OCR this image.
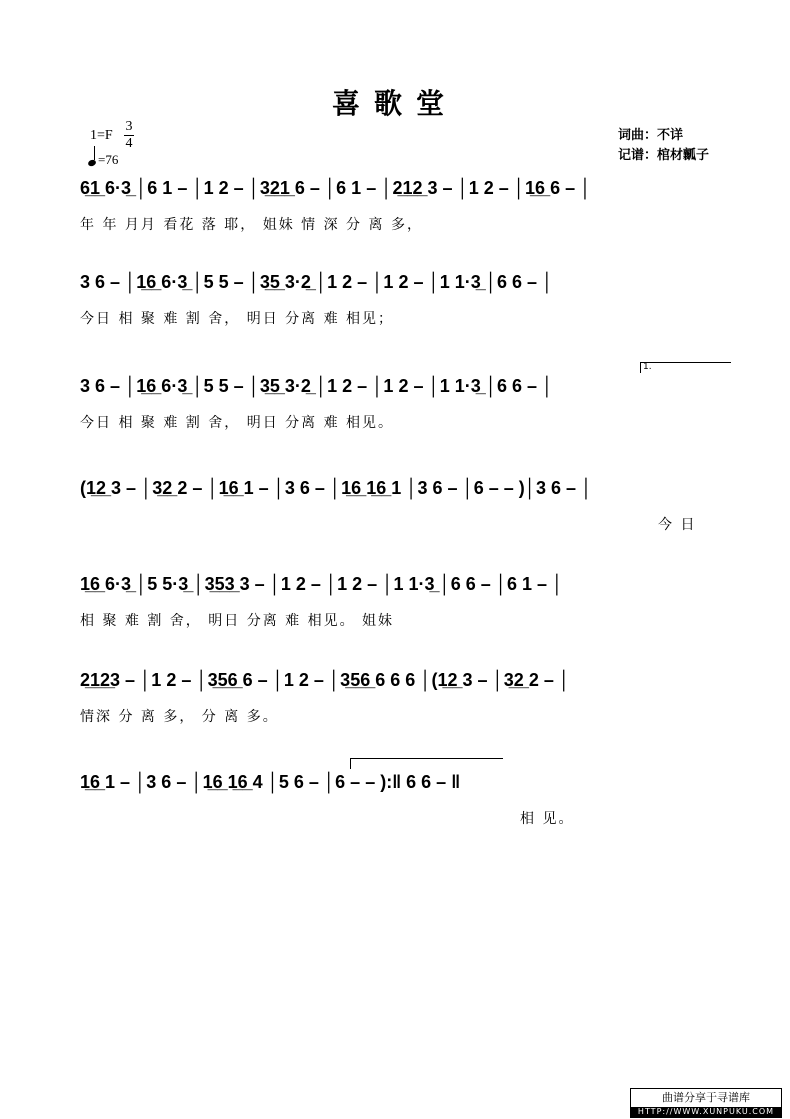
喜歌堂
1=F
3
4
=76
词曲：不详
记谱：棺材瓤子
6̲1̲ 6·3̲ │6 1 – │1 2 – │3̲2̲1̲ 6 – │6 1 – │2̲1̲2̲ 3 – │1 2 – │1̲6̲ 6 – │
年 年 月月 看花 落 耶， 姐妹 情 深 分 离 多，
3 6 – │1̲6̲ 6·3̲ │5 5 – │3̲5̲ 3·2̲ │1 2 – │1 2 – │1 1·3̲ │6 6 – │
今日 相 聚 难 割 舍， 明日 分离 难 相见；
1.
3 6 – │1̲6̲ 6·3̲ │5 5 – │3̲5̲ 3·2̲ │1 2 – │1 2 – │1 1·3̲ │6 6 – │
今日 相 聚 难 割 舍， 明日 分离 难 相见。
(1̲2̲ 3 – │3̲2̲ 2 – │1̲6̲ 1 – │3 6 – │1̲6̲ 1̲6̲ 1 │3 6 – │6 – – )│3 6 – │
今 日
1̲6̲ 6·3̲ │5 5·3̲ │3̲5̲3̲ 3 – │1 2 – │1 2 – │1 1·3̲ │6 6 – │6 1 – │
相 聚 难 割 舍， 明日 分离 难 相见。 姐妹
2̲1̲2̲3 – │1 2 – │3̲5̲6̲ 6 – │1 2 – │3̲5̲6̲ 6 6 6 │(1̲2̲ 3 – │3̲2̲ 2 – │
情深 分 离 多， 分 离 多。
1̲6̲ 1 – │3 6 – │1̲6̲ 1̲6̲ 4 │5 6 – │6 – – ):‖ 6 6 – ‖
相 见。
曲谱分享于寻谱库
HTTP://WWW.XUNPUKU.COM
